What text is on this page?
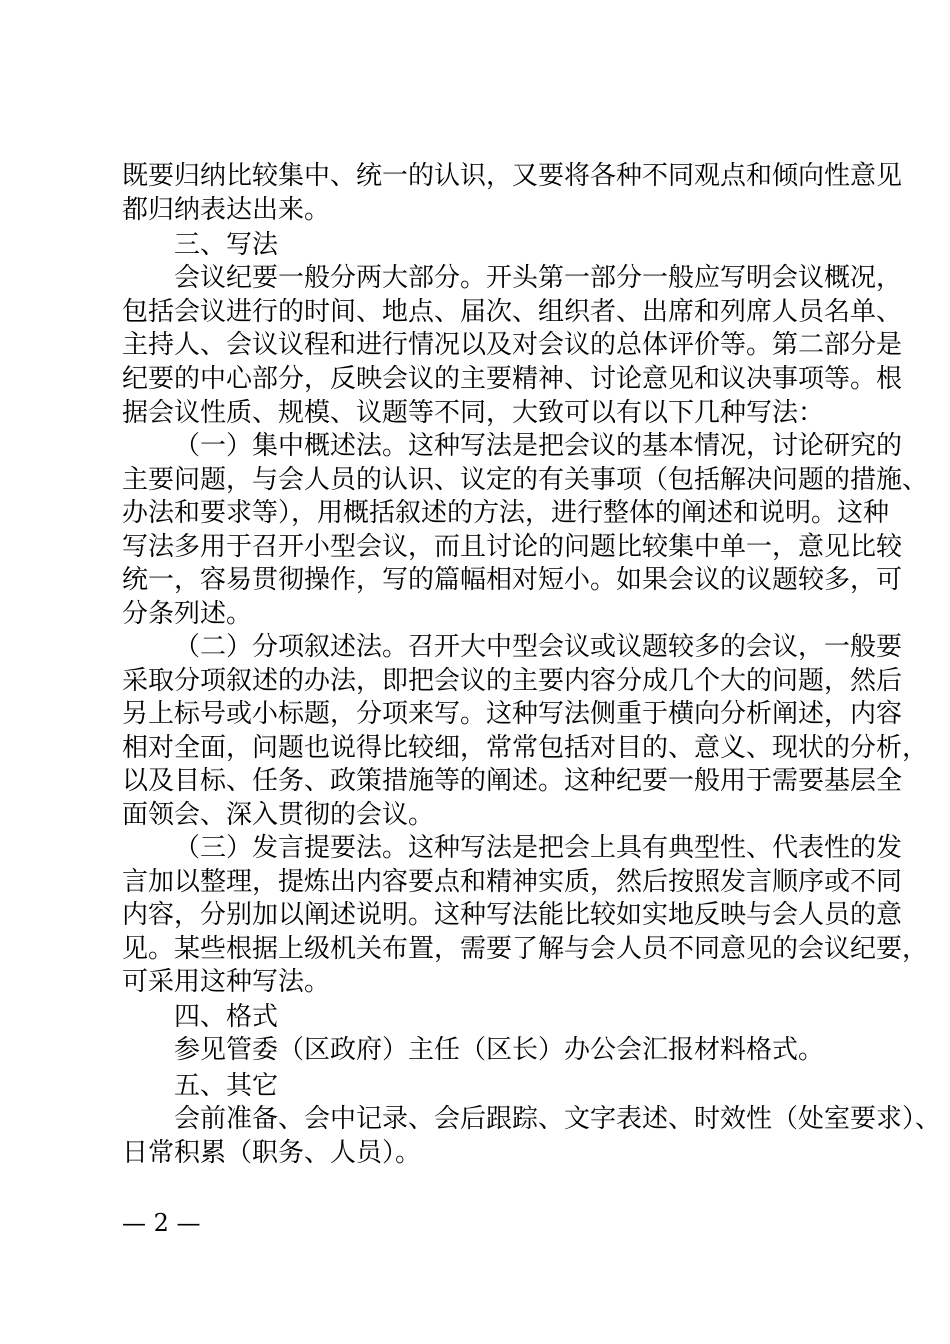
既要归纳比较集中、统一的认识，又要将各种不同观点和倾向性意见
都归纳表达出来。
三、写法
会议纪要一般分两大部分。开头第一部分一般应写明会议概况，
包括会议进行的时间、地点、届次、组织者、出席和列席人员名单、
主持人、会议议程和进行情况以及对会议的总体评价等。第二部分是
纪要的中心部分，反映会议的主要精神、讨论意见和议决事项等。根
据会议性质、规模、议题等不同，大致可以有以下几种写法：
（一）集中概述法。这种写法是把会议的基本情况，讨论研究的
主要问题，与会人员的认识、议定的有关事项（包括解决问题的措施、
办法和要求等），用概括叙述的方法，进行整体的阐述和说明。这种
写法多用于召开小型会议，而且讨论的问题比较集中单一，意见比较
统一，容易贯彻操作，写的篇幅相对短小。如果会议的议题较多，可
分条列述。
（二）分项叙述法。召开大中型会议或议题较多的会议，一般要
采取分项叙述的办法，即把会议的主要内容分成几个大的问题，然后
另上标号或小标题，分项来写。这种写法侧重于横向分析阐述，内容
相对全面，问题也说得比较细，常常包括对目的、意义、现状的分析，
以及目标、任务、政策措施等的阐述。这种纪要一般用于需要基层全
面领会、深入贯彻的会议。
（三）发言提要法。这种写法是把会上具有典型性、代表性的发
言加以整理，提炼出内容要点和精神实质，然后按照发言顺序或不同
内容，分别加以阐述说明。这种写法能比较如实地反映与会人员的意
见。某些根据上级机关布置，需要了解与会人员不同意见的会议纪要，
可采用这种写法。
四、格式
参见管委（区政府）主任（区长）办公会汇报材料格式。
五、其它
会前准备、会中记录、会后跟踪、文字表述、时效性（处室要求）、
日常积累（职务、人员）。
— 2 —
